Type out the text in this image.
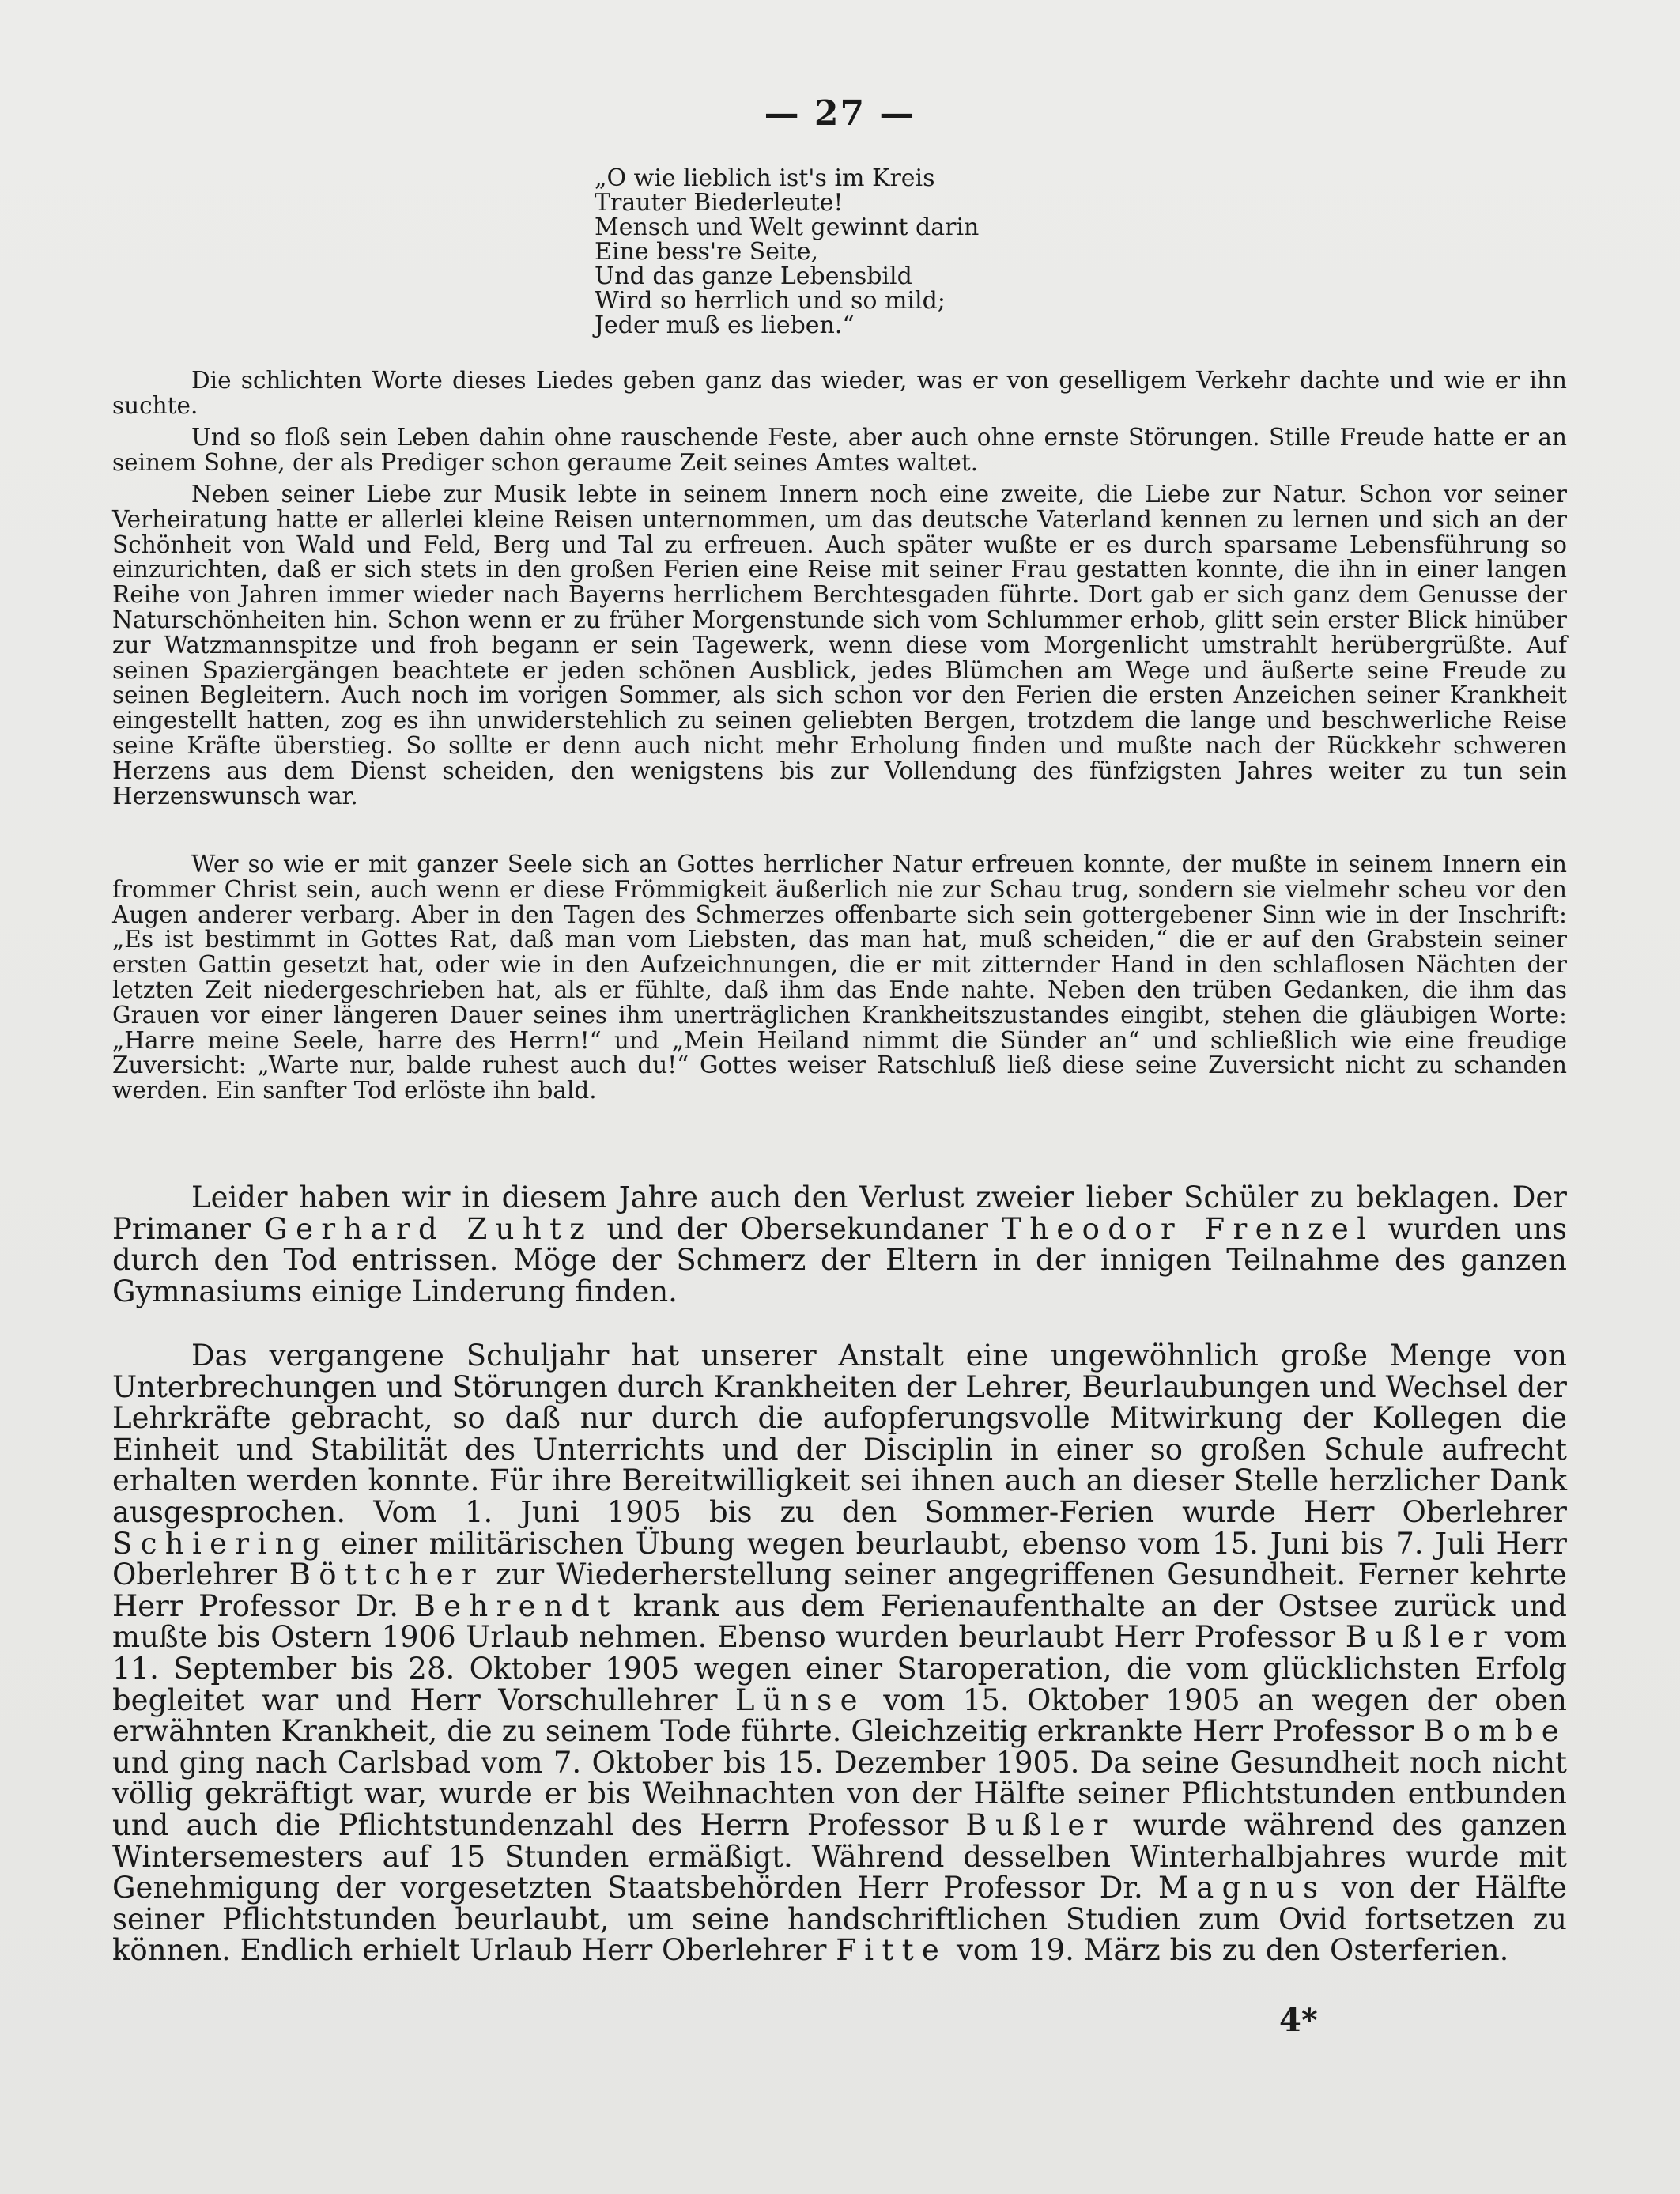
— 27 —
„O wie lieblich ist's im Kreis
Trauter Biederleute!
Mensch und Welt gewinnt darin
Eine bess're Seite,
Und das ganze Lebensbild
Wird so herrlich und so mild;
Jeder muß es lieben.“

Die schlichten Worte dieses Liedes geben ganz das wieder, was er von geselligem Verkehr dachte und wie er ihn suchte.

Und so floß sein Leben dahin ohne rauschende Feste, aber auch ohne ernste Störungen. Stille Freude hatte er an seinem Sohne, der als Prediger schon geraume Zeit seines Amtes waltet.

Neben seiner Liebe zur Musik lebte in seinem Innern noch eine zweite, die Liebe zur Natur. Schon vor seiner Verheiratung hatte er allerlei kleine Reisen unternommen, um das deutsche Vaterland kennen zu lernen und sich an der Schönheit von Wald und Feld, Berg und Tal zu erfreuen. Auch später wußte er es durch sparsame Lebensführung so einzurichten, daß er sich stets in den großen Ferien eine Reise mit seiner Frau gestatten konnte, die ihn in einer langen Reihe von Jahren immer wieder nach Bayerns herrlichem Berchtesgaden führte. Dort gab er sich ganz dem Genusse der Naturschönheiten hin. Schon wenn er zu früher Morgenstunde sich vom Schlummer erhob, glitt sein erster Blick hinüber zur Watzmannspitze und froh begann er sein Tagewerk, wenn diese vom Morgenlicht umstrahlt herübergrüßte. Auf seinen Spaziergängen beachtete er jeden schönen Ausblick, jedes Blümchen am Wege und äußerte seine Freude zu seinen Begleitern. Auch noch im vorigen Sommer, als sich schon vor den Ferien die ersten Anzeichen seiner Krankheit eingestellt hatten, zog es ihn unwiderstehlich zu seinen geliebten Bergen, trotzdem die lange und beschwerliche Reise seine Kräfte überstieg. So sollte er denn auch nicht mehr Erholung finden und mußte nach der Rückkehr schweren Herzens aus dem Dienst scheiden, den wenigstens bis zur Vollendung des fünfzigsten Jahres weiter zu tun sein Herzenswunsch war.

Wer so wie er mit ganzer Seele sich an Gottes herrlicher Natur erfreuen konnte, der mußte in seinem Innern ein frommer Christ sein, auch wenn er diese Frömmigkeit äußerlich nie zur Schau trug, sondern sie vielmehr scheu vor den Augen anderer verbarg. Aber in den Tagen des Schmerzes offenbarte sich sein gottergebener Sinn wie in der Inschrift: „Es ist bestimmt in Gottes Rat, daß man vom Liebsten, das man hat, muß scheiden,“ die er auf den Grabstein seiner ersten Gattin gesetzt hat, oder wie in den Aufzeichnungen, die er mit zitternder Hand in den schlaflosen Nächten der letzten Zeit niedergeschrieben hat, als er fühlte, daß ihm das Ende nahte. Neben den trüben Gedanken, die ihm das Grauen vor einer längeren Dauer seines ihm unerträglichen Krankheitszustandes eingibt, stehen die gläubigen Worte: „Harre meine Seele, harre des Herrn!“ und „Mein Heiland nimmt die Sünder an“ und schließlich wie eine freudige Zuversicht: „Warte nur, balde ruhest auch du!“ Gottes weiser Ratschluß ließ diese seine Zuversicht nicht zu schanden werden. Ein sanfter Tod erlöste ihn bald.

Leider haben wir in diesem Jahre auch den Verlust zweier lieber Schüler zu beklagen. Der Primaner Gerhard Zuhtz und der Obersekundaner Theodor Frenzel wurden uns durch den Tod entrissen. Möge der Schmerz der Eltern in der innigen Teilnahme des ganzen Gymnasiums einige Linderung finden.

Das vergangene Schuljahr hat unserer Anstalt eine ungewöhnlich große Menge von Unterbrechungen und Störungen durch Krankheiten der Lehrer, Beurlaubungen und Wechsel der Lehrkräfte gebracht, so daß nur durch die aufopferungsvolle Mitwirkung der Kollegen die Einheit und Stabilität des Unterrichts und der Disciplin in einer so großen Schule aufrecht erhalten werden konnte. Für ihre Bereitwilligkeit sei ihnen auch an dieser Stelle herzlicher Dank ausgesprochen. Vom 1. Juni 1905 bis zu den Sommer-Ferien wurde Herr Oberlehrer Schiering einer militärischen Übung wegen beurlaubt, ebenso vom 15. Juni bis 7. Juli Herr Oberlehrer Böttcher zur Wiederherstellung seiner angegriffenen Gesundheit. Ferner kehrte Herr Professor Dr. Behrendt krank aus dem Ferienaufenthalte an der Ostsee zurück und mußte bis Ostern 1906 Urlaub nehmen. Ebenso wurden beurlaubt Herr Professor Bußler vom 11. September bis 28. Oktober 1905 wegen einer Staroperation, die vom glücklichsten Erfolg begleitet war und Herr Vorschullehrer Lünse vom 15. Oktober 1905 an wegen der oben erwähnten Krankheit, die zu seinem Tode führte. Gleichzeitig erkrankte Herr Professor Bombe und ging nach Carlsbad vom 7. Oktober bis 15. Dezember 1905. Da seine Gesundheit noch nicht völlig gekräftigt war, wurde er bis Weihnachten von der Hälfte seiner Pflichtstunden entbunden und auch die Pflichtstundenzahl des Herrn Professor Bußler wurde während des ganzen Wintersemesters auf 15 Stunden ermäßigt. Während desselben Winterhalbjahres wurde mit Genehmigung der vorgesetzten Staatsbehörden Herr Professor Dr. Magnus von der Hälfte seiner Pflichtstunden beurlaubt, um seine handschriftlichen Studien zum Ovid fortsetzen zu können. Endlich erhielt Urlaub Herr Oberlehrer Fitte vom 19. März bis zu den Osterferien.

4*
